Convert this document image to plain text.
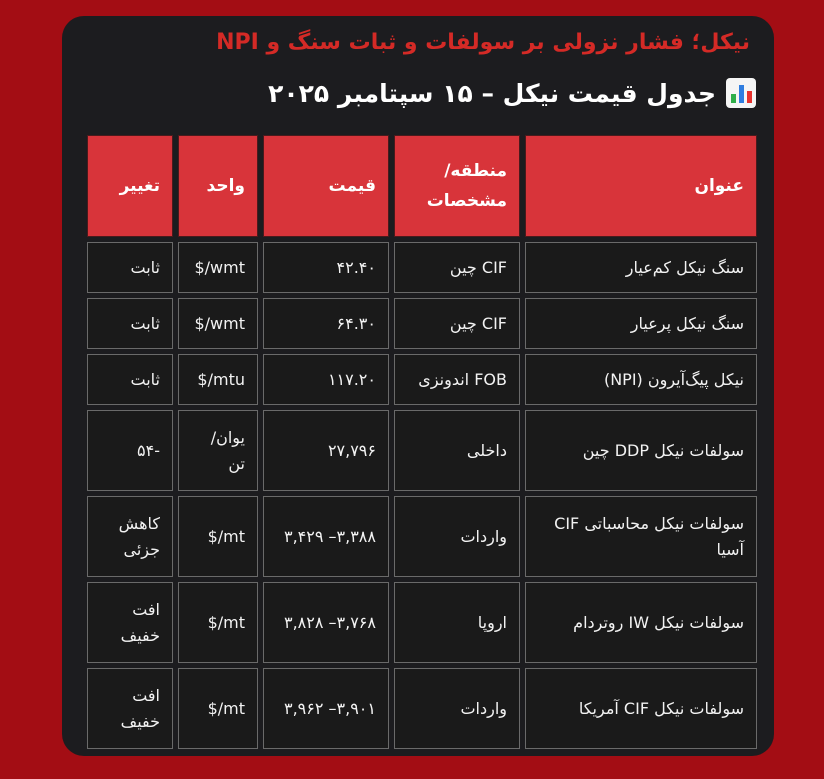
نیکل؛ فشار نزولی بر سولفات و ثبات سنگ و NPI
جدول قیمت نیکل – ۱۵ سپتامبر ۲۰۲۵
عنوان	منطقه/ مشخصات	قیمت	واحد	تغییر
سنگ نیکل کم‌عیار	CIF چین	۴۲.۴۰	wmt/$	ثابت
سنگ نیکل پرعیار	CIF چین	۶۴.۳۰	wmt/$	ثابت
نیکل پیگ‌آیرون (NPI)	FOB اندونزی	۱۱۷.۲۰	mtu/$	ثابت
سولفات نیکل DDP چین	داخلی	۲۷,۷۹۶	یوان/ تن	-۵۴
سولفات نیکل محاسباتی CIF آسیا	واردات	۳,۳۸۸– ۳,۴۲۹	mt/$	کاهش جزئی
سولفات نیکل IW روتردام	اروپا	۳,۷۶۸– ۳,۸۲۸	mt/$	افت خفیف
سولفات نیکل CIF آمریکا	واردات	۳,۹۰۱– ۳,۹۶۲	mt/$	افت خفیف
